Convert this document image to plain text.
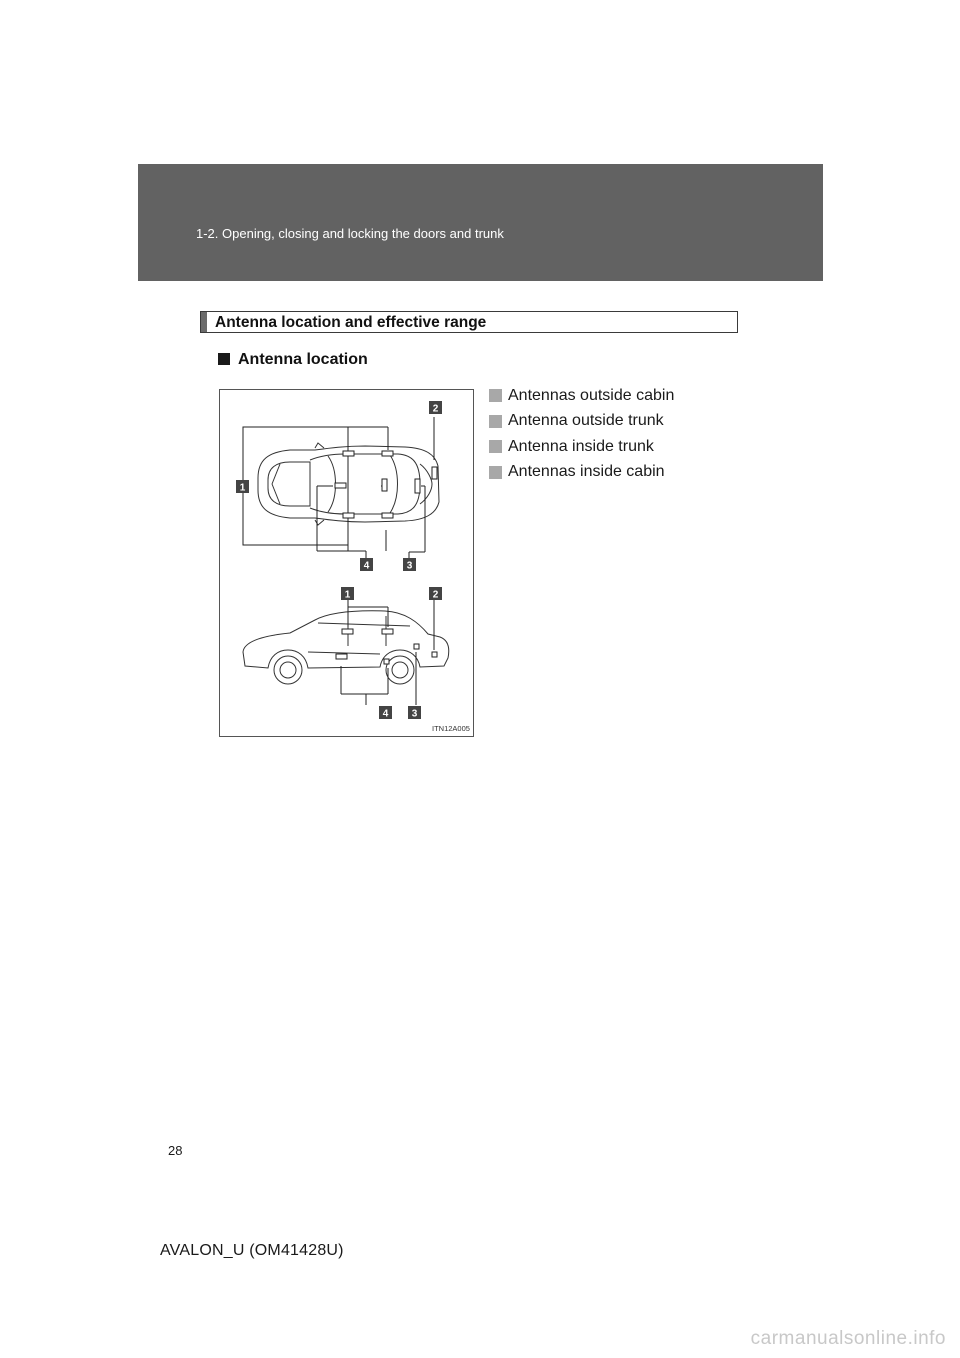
1-2. Opening, closing and locking the doors and trunk
Antenna location and effective range
Antenna location
2
1
4	3
1	2
4 3
ITN12A005
Antennas outside cabin
Antenna outside trunk
Antenna inside trunk
Antennas inside cabin
28
AVALON_U (OM41428U)
carmanualsonline.info
